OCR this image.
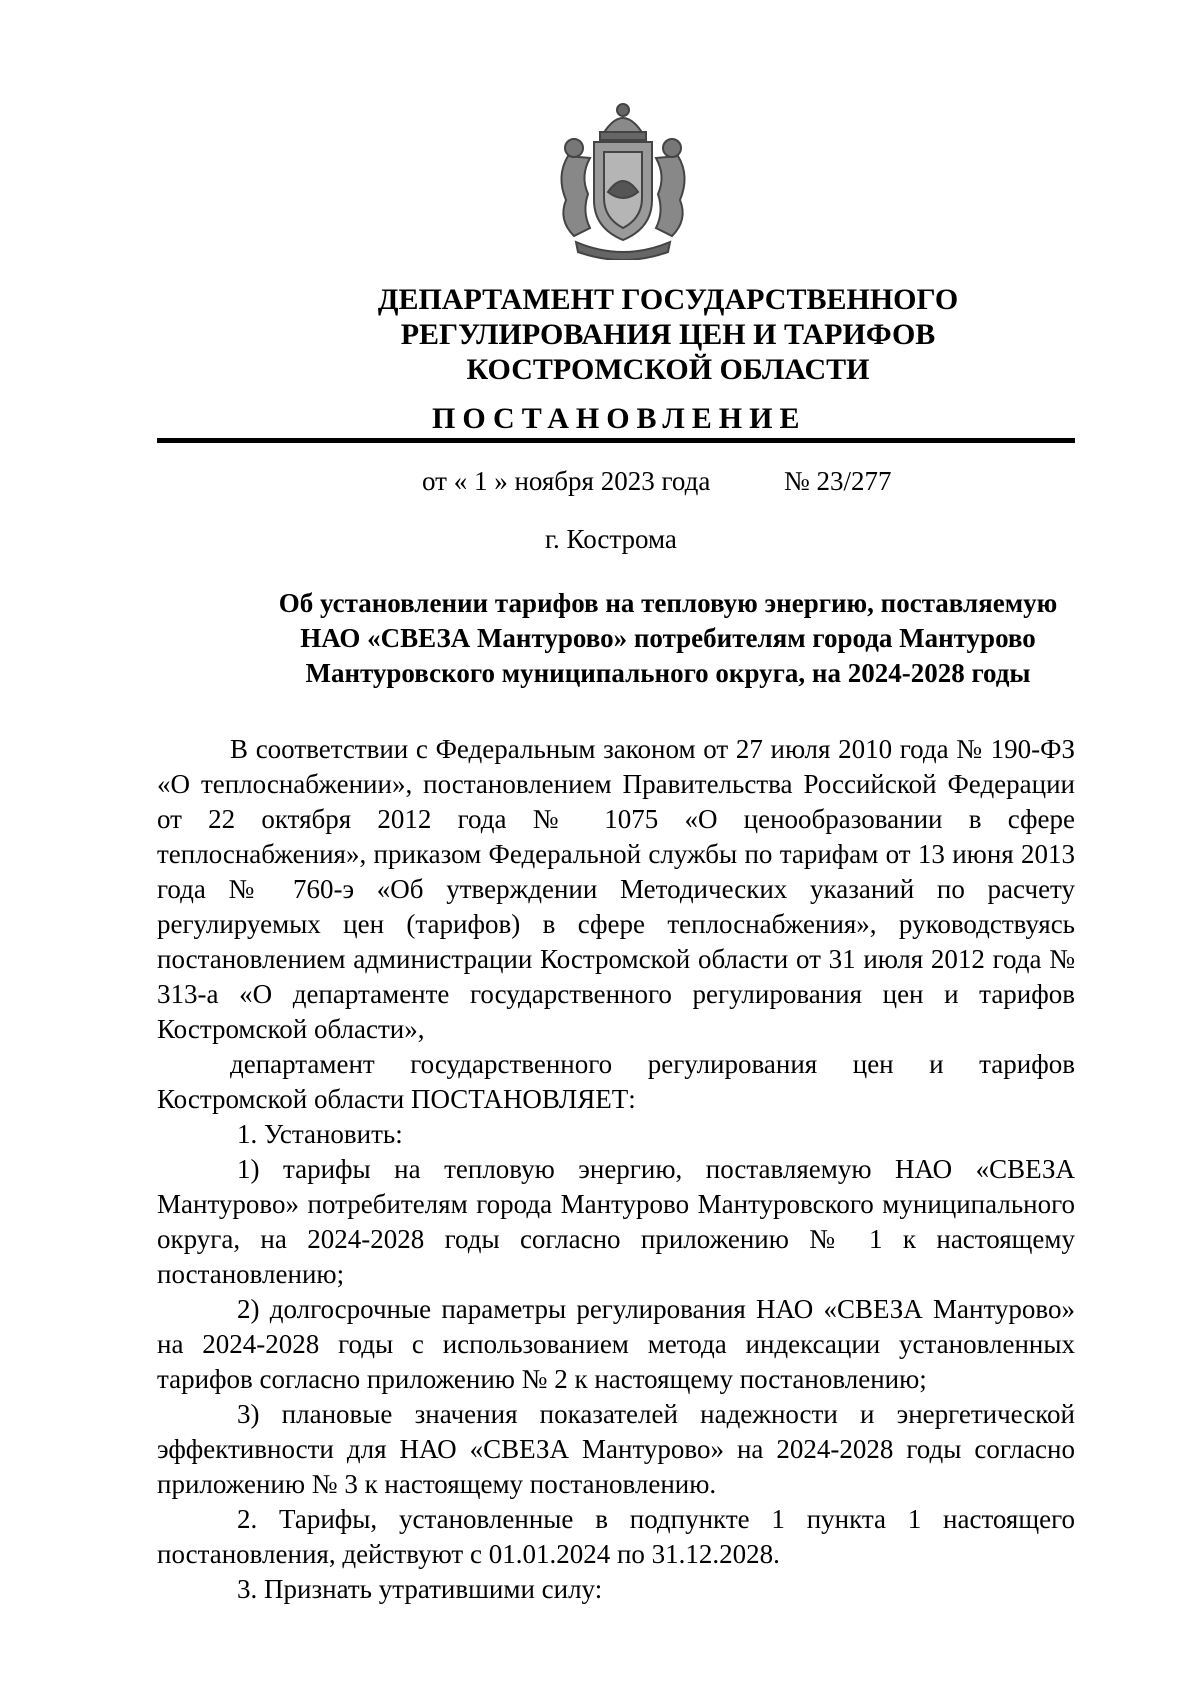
ДЕПАРТАМЕНТ ГОСУДАРСТВЕННОГО
РЕГУЛИРОВАНИЯ ЦЕН И ТАРИФОВ
КОСТРОМСКОЙ ОБЛАСТИ
ПОСТАНОВЛЕНИЕ
от « 1 » ноября 2023 года	№ 23/277
г. Кострома
Об установлении тарифов на тепловую энергию, поставляемую
НАО «СВЕЗА Мантурово» потребителям города Мантурово
Мантуровского муниципального округа, на 2024-2028 годы

В соответствии с Федеральным законом от 27 июля 2010 года № 190-ФЗ «О теплоснабжении», постановлением Правительства Российской Федерации от 22 октября 2012 года № 1075 «О ценообразовании в сфере теплоснабжения», приказом Федеральной службы по тарифам от 13 июня 2013 года № 760-э «Об утверждении Методических указаний по расчету регулируемых цен (тарифов) в сфере теплоснабжения», руководствуясь постановлением администрации Костромской области от 31 июля 2012 года № 313-а «О департаменте государственного регулирования цен и тарифов Костромской области»,

департамент государственного регулирования цен и тарифов Костромской области ПОСТАНОВЛЯЕТ:

1. Установить:

1) тарифы на тепловую энергию, поставляемую НАО «СВЕЗА Мантурово» потребителям города Мантурово Мантуровского муниципального округа, на 2024-2028 годы согласно приложению № 1 к настоящему постановлению;

2) долгосрочные параметры регулирования НАО «СВЕЗА Мантурово» на 2024-2028 годы с использованием метода индексации установленных тарифов согласно приложению № 2 к настоящему постановлению;

3) плановые значения показателей надежности и энергетической эффективности для НАО «СВЕЗА Мантурово» на 2024-2028 годы согласно приложению № 3 к настоящему постановлению.

2. Тарифы, установленные в подпункте 1 пункта 1 настоящего постановления, действуют с 01.01.2024 по 31.12.2028.

3. Признать утратившими силу:
